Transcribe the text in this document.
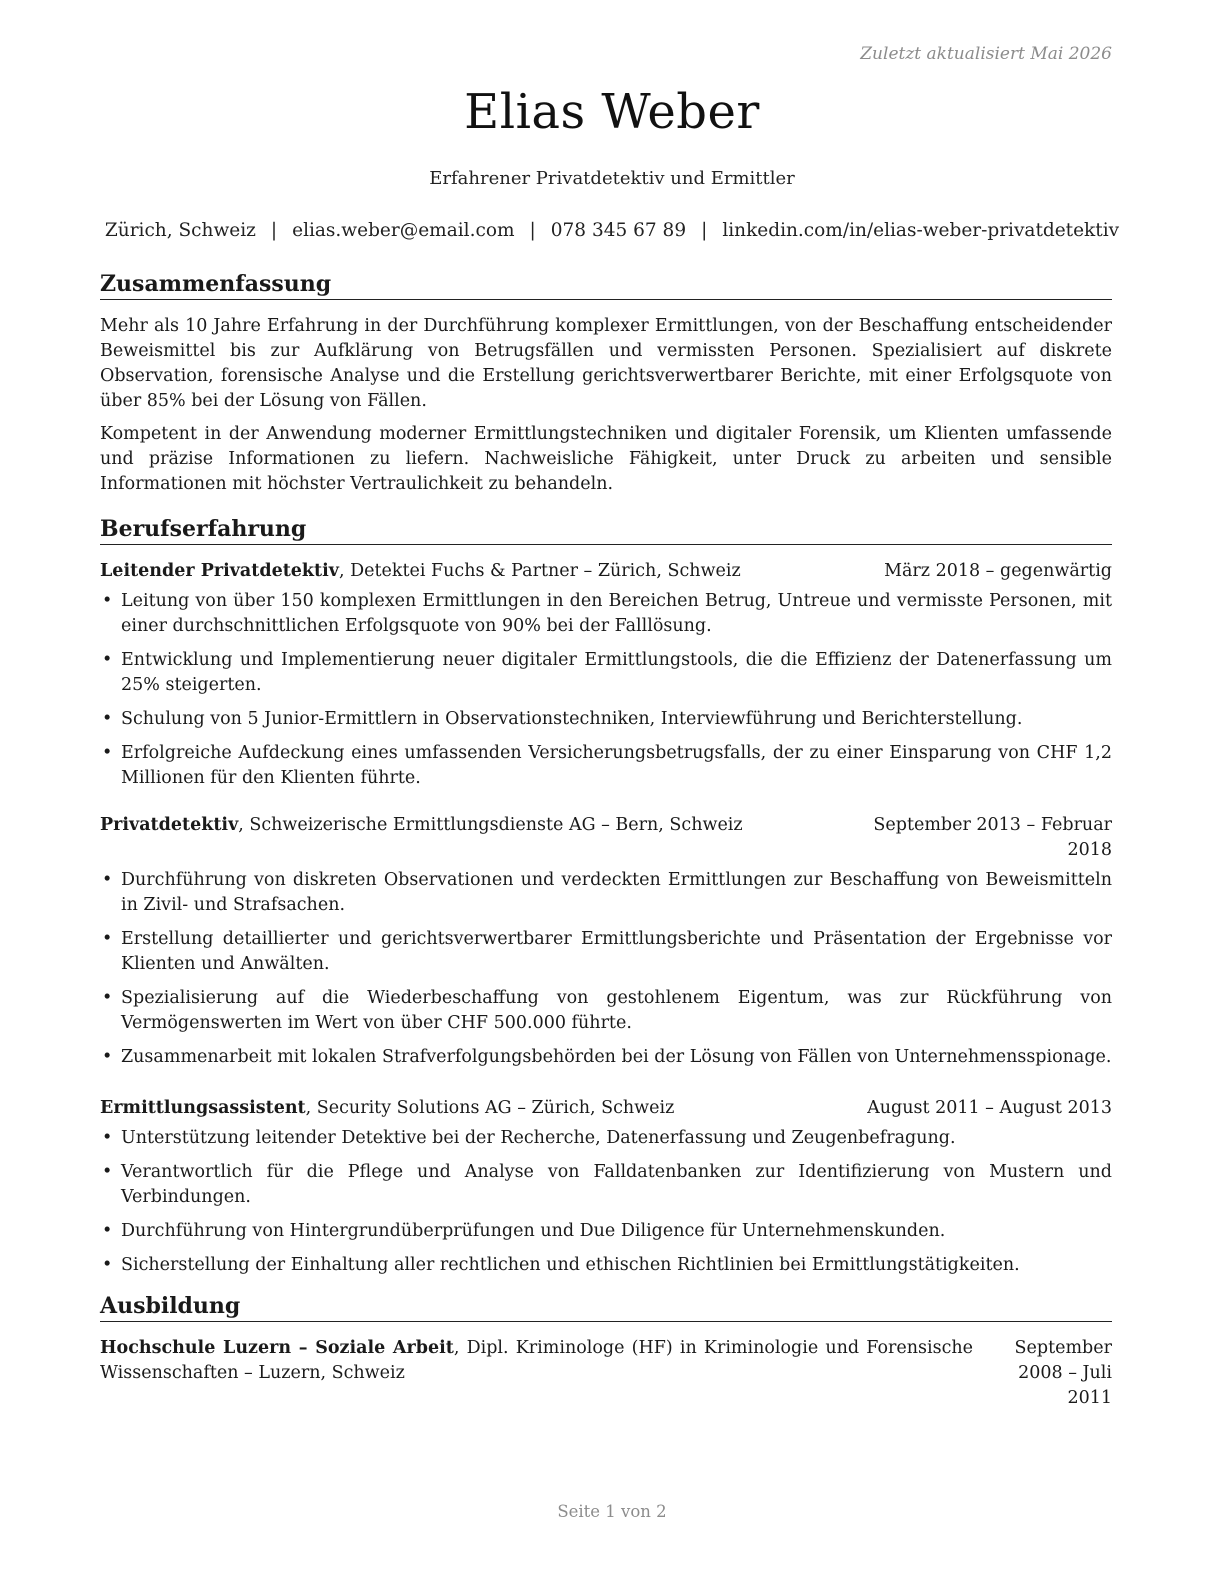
Zuletzt aktualisiert Mai 2026
Elias Weber
Erfahrener Privatdetektiv und Ermittler
Zürich, Schweiz | elias.weber@email.com | 078 345 67 89 | linkedin.com/in/elias-weber-privatdetektiv
Zusammenfassung

Mehr als 10 Jahre Erfahrung in der Durchführung komplexer Ermittlungen, von der Beschaffung entscheidender Beweismittel bis zur Aufklärung von Betrugsfällen und vermissten Personen. Spezialisiert auf diskrete Observation, forensische Analyse und die Erstellung gerichtsverwertbarer Berichte, mit einer Erfolgsquote von über 85% bei der Lösung von Fällen.

Kompetent in der Anwendung moderner Ermittlungstechniken und digitaler Forensik, um Klienten umfassende und präzise Informationen zu liefern. Nachweisliche Fähigkeit, unter Druck zu arbeiten und sensible Informationen mit höchster Vertraulichkeit zu behandeln.

Berufserfahrung
Leitender Privatdetektiv, Detektei Fuchs & Partner – Zürich, Schweiz	März 2018 – gegenwärtig
• Leitung von über 150 komplexen Ermittlungen in den Bereichen Betrug, Untreue und vermisste Personen, mit einer durchschnittlichen Erfolgsquote von 90% bei der Falllösung.
• Entwicklung und Implementierung neuer digitaler Ermittlungstools, die die Effizienz der Datenerfassung um 25% steigerten.
• Schulung von 5 Junior-Ermittlern in Observationstechniken, Interviewführung und Berichterstellung.
• Erfolgreiche Aufdeckung eines umfassenden Versicherungsbetrugsfalls, der zu einer Einsparung von CHF 1,2 Millionen für den Klienten führte.
Privatdetektiv, Schweizerische Ermittlungsdienste AG – Bern, Schweiz	September 2013 – Februar 2018
• Durchführung von diskreten Observationen und verdeckten Ermittlungen zur Beschaffung von Beweismitteln in Zivil- und Strafsachen.
• Erstellung detaillierter und gerichtsverwertbarer Ermittlungsberichte und Präsentation der Ergebnisse vor Klienten und Anwälten.
• Spezialisierung auf die Wiederbeschaffung von gestohlenem Eigentum, was zur Rückführung von Vermögenswerten im Wert von über CHF 500.000 führte.
• Zusammenarbeit mit lokalen Strafverfolgungsbehörden bei der Lösung von Fällen von Unternehmensspionage.
Ermittlungsassistent, Security Solutions AG – Zürich, Schweiz	August 2011 – August 2013
• Unterstützung leitender Detektive bei der Recherche, Datenerfassung und Zeugenbefragung.
• Verantwortlich für die Pflege und Analyse von Falldatenbanken zur Identifizierung von Mustern und Verbindungen.
• Durchführung von Hintergrundüberprüfungen und Due Diligence für Unternehmenskunden.
• Sicherstellung der Einhaltung aller rechtlichen und ethischen Richtlinien bei Ermittlungstätigkeiten.
Ausbildung
Hochschule Luzern – Soziale Arbeit, Dipl. Kriminologe (HF) in Kriminologie und Forensische Wissenschaften – Luzern, Schweiz
September 2008 – Juli 2011
Seite 1 von 2
